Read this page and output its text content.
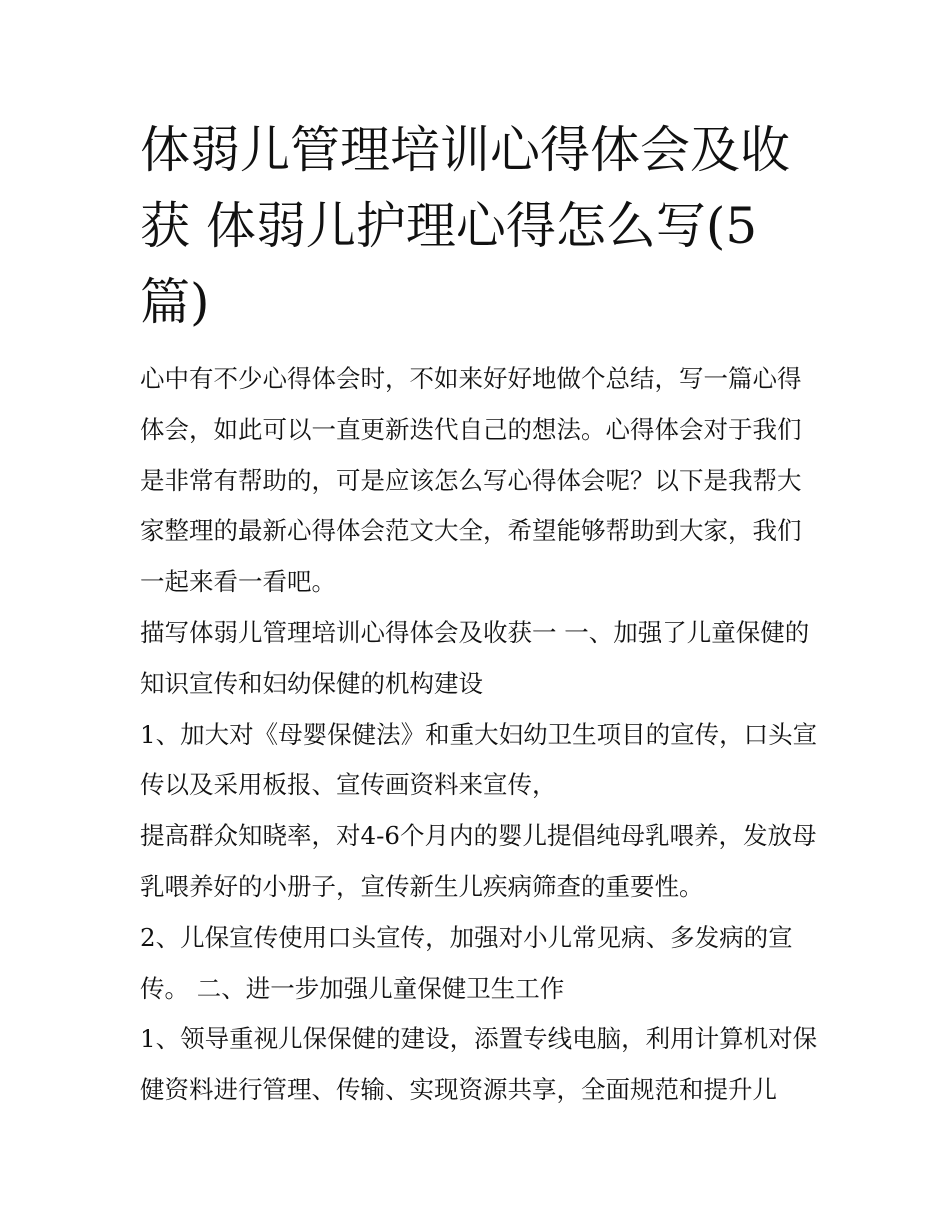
体弱儿管理培训心得体会及收获 体弱儿护理心得怎么写(5篇)

心中有不少心得体会时，不如来好好地做个总结，写一篇心得体会，如此可以一直更新迭代自己的想法。心得体会对于我们是非常有帮助的，可是应该怎么写心得体会呢？以下是我帮大家整理的最新心得体会范文大全，希望能够帮助到大家，我们一起来看一看吧。

描写体弱儿管理培训心得体会及收获一 一、加强了儿童保健的知识宣传和妇幼保健的机构建设

1、加大对《母婴保健法》和重大妇幼卫生项目的宣传，口头宣传以及采用板报、宣传画资料来宣传，

提高群众知晓率，对4-6个月内的婴儿提倡纯母乳喂养，发放母乳喂养好的小册子，宣传新生儿疾病筛查的重要性。

2、儿保宣传使用口头宣传，加强对小儿常见病、多发病的宣传。 二、进一步加强儿童保健卫生工作

1、领导重视儿保保健的建设，添置专线电脑，利用计算机对保健资料进行管理、传输、实现资源共享，全面规范和提升儿
